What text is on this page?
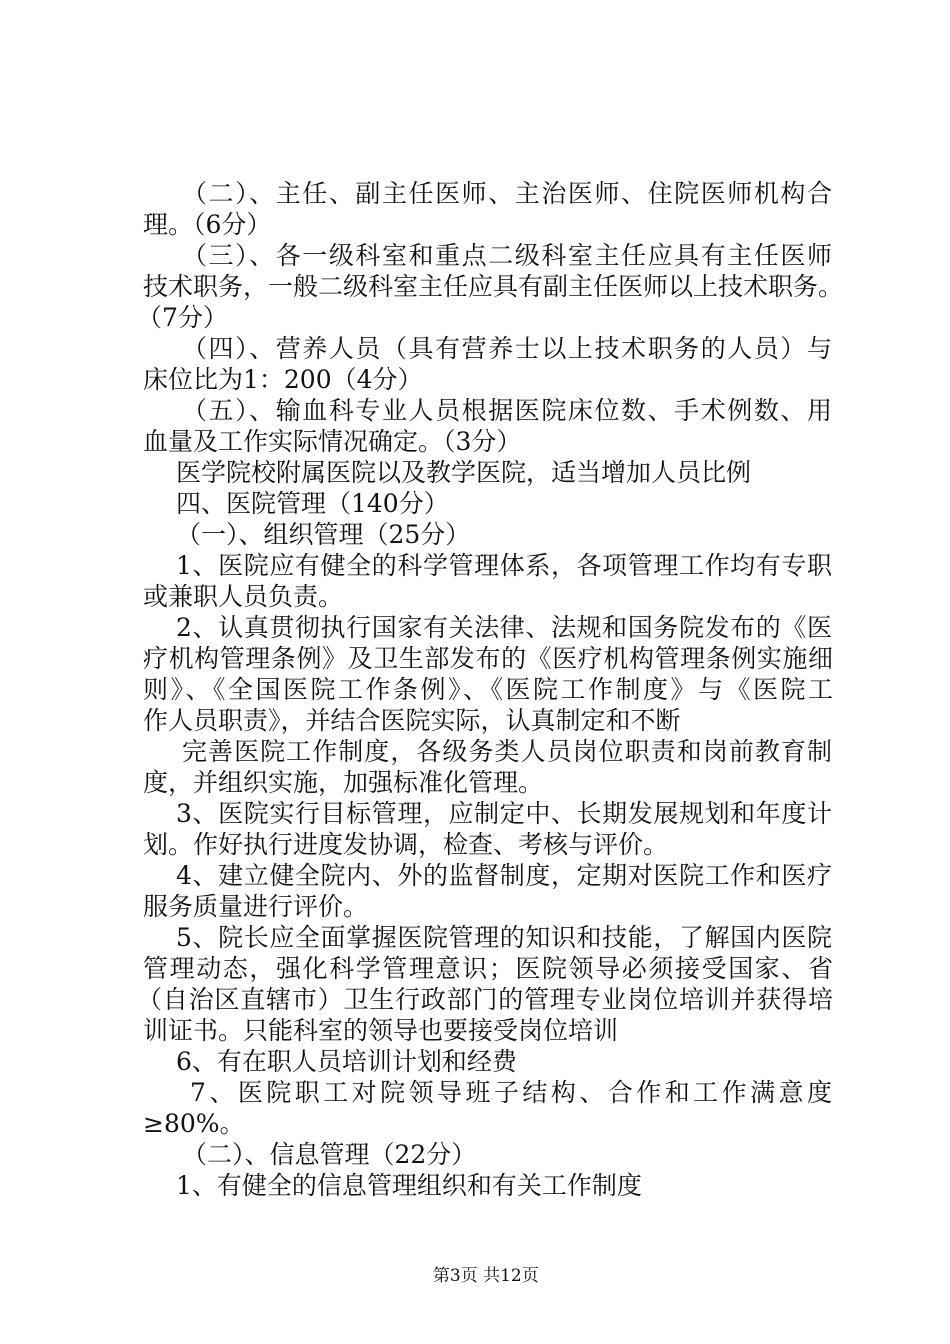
（二）、主任、副主任医师、主治医师、住院医师机构合

理。（6分）

（三）、各一级科室和重点二级科室主任应具有主任医师

技术职务，一般二级科室主任应具有副主任医师以上技术职务。

（7分）

（四）、营养人员（具有营养士以上技术职务的人员）与

床位比为1：200（4分）

（五）、输血科专业人员根据医院床位数、手术例数、用

血量及工作实际情况确定。（3分）

医学院校附属医院以及教学医院，适当增加人员比例

四、医院管理（140分）

（一）、组织管理（25分）

1、医院应有健全的科学管理体系，各项管理工作均有专职

或兼职人员负责。

2、认真贯彻执行国家有关法律、法规和国务院发布的《医

疗机构管理条例》及卫生部发布的《医疗机构管理条例实施细

则》、《全国医院工作条例》、《医院工作制度》与《医院工

作人员职责》，并结合医院实际，认真制定和不断

完善医院工作制度，各级务类人员岗位职责和岗前教育制

度，并组织实施，加强标准化管理。

3、医院实行目标管理，应制定中、长期发展规划和年度计

划。作好执行进度发协调，检查、考核与评价。

4、建立健全院内、外的监督制度，定期对医院工作和医疗

服务质量进行评价。

5、院长应全面掌握医院管理的知识和技能，了解国内医院

管理动态，强化科学管理意识；医院领导必须接受国家、省

（自治区直辖市）卫生行政部门的管理专业岗位培训并获得培

训证书。只能科室的领导也要接受岗位培训

6、有在职人员培训计划和经费

7、医院职工对院领导班子结构、合作和工作满意度

≥80%。

（二）、信息管理（22分）

1、有健全的信息管理组织和有关工作制度

第3页 共12页
